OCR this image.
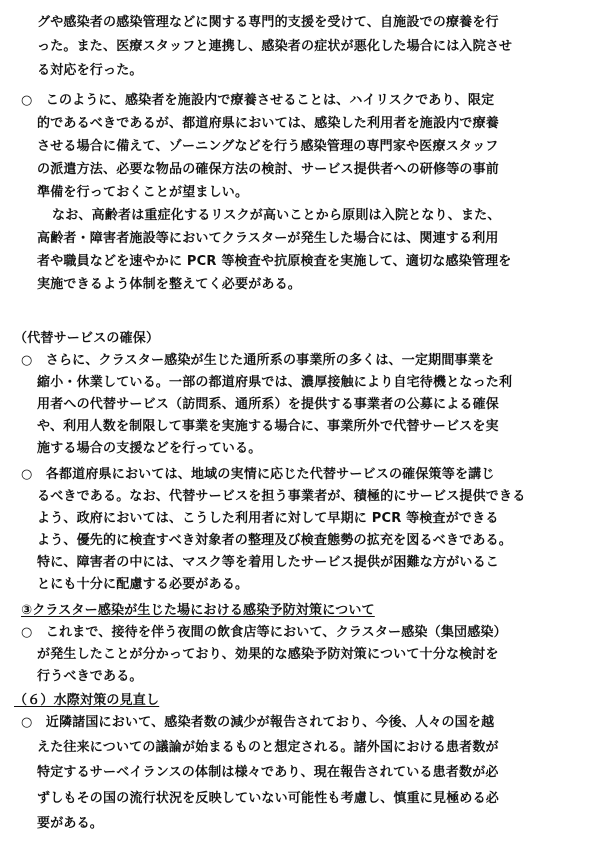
グや感染者の感染管理などに関する専門的支援を受けて、自施設での療養を行
った。また、医療スタッフと連携し、感染者の症状が悪化した場合には入院させ
る対応を行った。
○　このように、感染者を施設内で療養させることは、ハイリスクであり、限定
的であるべきであるが、都道府県においては、感染した利用者を施設内で療養
させる場合に備えて、ゾーニングなどを行う感染管理の専門家や医療スタッフ
の派遣方法、必要な物品の確保方法の検討、サービス提供者への研修等の事前
準備を行っておくことが望ましい。
なお、高齢者は重症化するリスクが高いことから原則は入院となり、また、
高齢者・障害者施設等においてクラスターが発生した場合には、関連する利用
者や職員などを速やかに PCR 等検査や抗原検査を実施して、適切な感染管理を
実施できるよう体制を整えてく必要がある。
（代替サービスの確保）
○　さらに、クラスター感染が生じた通所系の事業所の多くは、一定期間事業を
縮小・休業している。一部の都道府県では、濃厚接触により自宅待機となった利
用者への代替サービス（訪問系、通所系）を提供する事業者の公募による確保
や、利用人数を制限して事業を実施する場合に、事業所外で代替サービスを実
施する場合の支援などを行っている。
○　各都道府県においては、地域の実情に応じた代替サービスの確保策等を講じ
るべきである。なお、代替サービスを担う事業者が、積極的にサービス提供できる
よう、政府においては、こうした利用者に対して早期に PCR 等検査ができる
よう、優先的に検査すべき対象者の整理及び検査態勢の拡充を図るべきである。
特に、障害者の中には、マスク等を着用したサービス提供が困難な方がいるこ
とにも十分に配慮する必要がある。
③クラスター感染が生じた場における感染予防対策について
○　これまで、接待を伴う夜間の飲食店等において、クラスター感染（集団感染）
が発生したことが分かっており、効果的な感染予防対策について十分な検討を
行うべきである。
（６）水際対策の見直し
○　近隣諸国において、感染者数の減少が報告されており、今後、人々の国を越
えた往来についての議論が始まるものと想定される。諸外国における患者数が
特定するサーベイランスの体制は様々であり、現在報告されている患者数が必
ずしもその国の流行状況を反映していない可能性も考慮し、慎重に見極める必
要がある。
